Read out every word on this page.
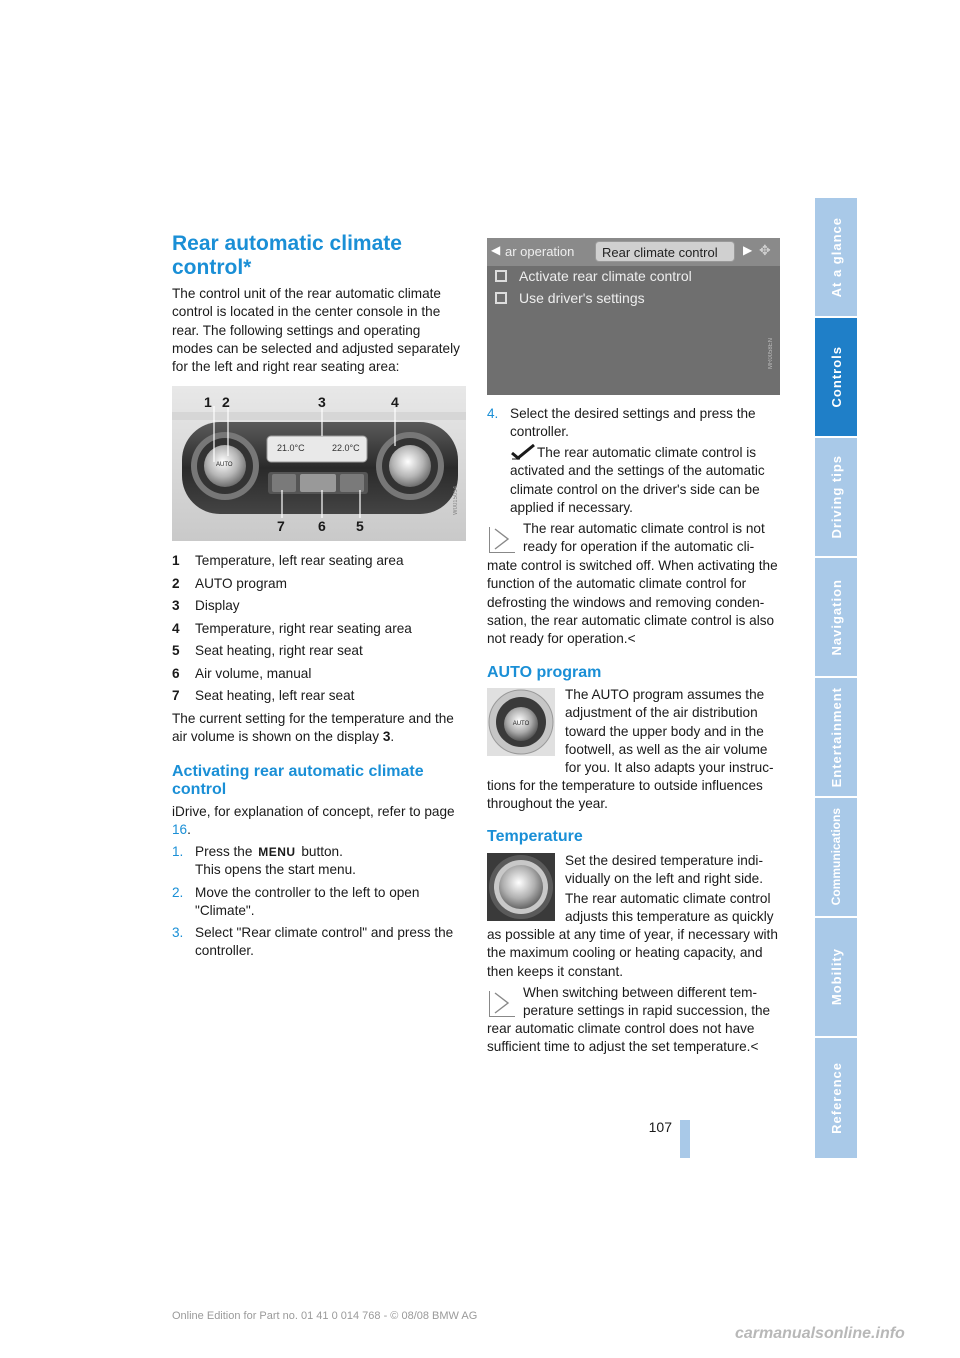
Rear automatic climate
control*

The control unit of the rear automatic climate control is located in the center console in the rear. The following settings and operating modes can be selected and adjusted separately for the left and right rear seating area:

1 2	3	4
7 6 5
21.0°C	22.0°C
AUTO
W0015054
1	Temperature, left rear seating area
2	AUTO program
3	Display
4	Temperature, right rear seating area
5	Seat heating, right rear seat
6	Air volume, manual
7	Seat heating, left rear seat

The current setting for the temperature and the air volume is shown on the display 3.

Activating rear automatic climate
control

iDrive, for explanation of concept, refer to page 16.

1. Press the MENU button.
This opens the start menu.
2. Move the controller to the left to open "Climate".
3. Select "Rear climate control" and press the controller.
◀ ar operation Rear climate control ▶ ✥
Activate rear climate control
Use driver's settings
MR0058EN
4. Select the desired settings and press the controller.

The rear automatic climate control is activated and the settings of the automatic climate control on the driver's side can be applied if necessary.

The rear automatic climate control is not
ready for operation if the automatic cli-

mate control is switched off. When activating the function of the automatic climate control for defrosting the windows and removing conden-sation, the rear automatic climate control is also not ready for operation.<

AUTO program
AUTO
The AUTO program assumes the
adjustment of the air distribution
toward the upper body and in the
footwell, as well as the air volume
for you. It also adapts your instruc-

tions for the temperature to outside influences throughout the year.

Temperature
Set the desired temperature indi-
vidually on the left and right side.
The rear automatic climate control
adjusts this temperature as quickly

as possible at any time of year, if necessary with the maximum cooling or heating capacity, and then keeps it constant.

When switching between different tem-
perature settings in rapid succession, the

rear automatic climate control does not have sufficient time to adjust the set temperature.<

107
At a glance
Controls
Driving tips
Navigation
Entertainment
Communications
Mobility
Reference
Online Edition for Part no. 01 41 0 014 768 - © 08/08 BMW AG
carmanualsonline.info
